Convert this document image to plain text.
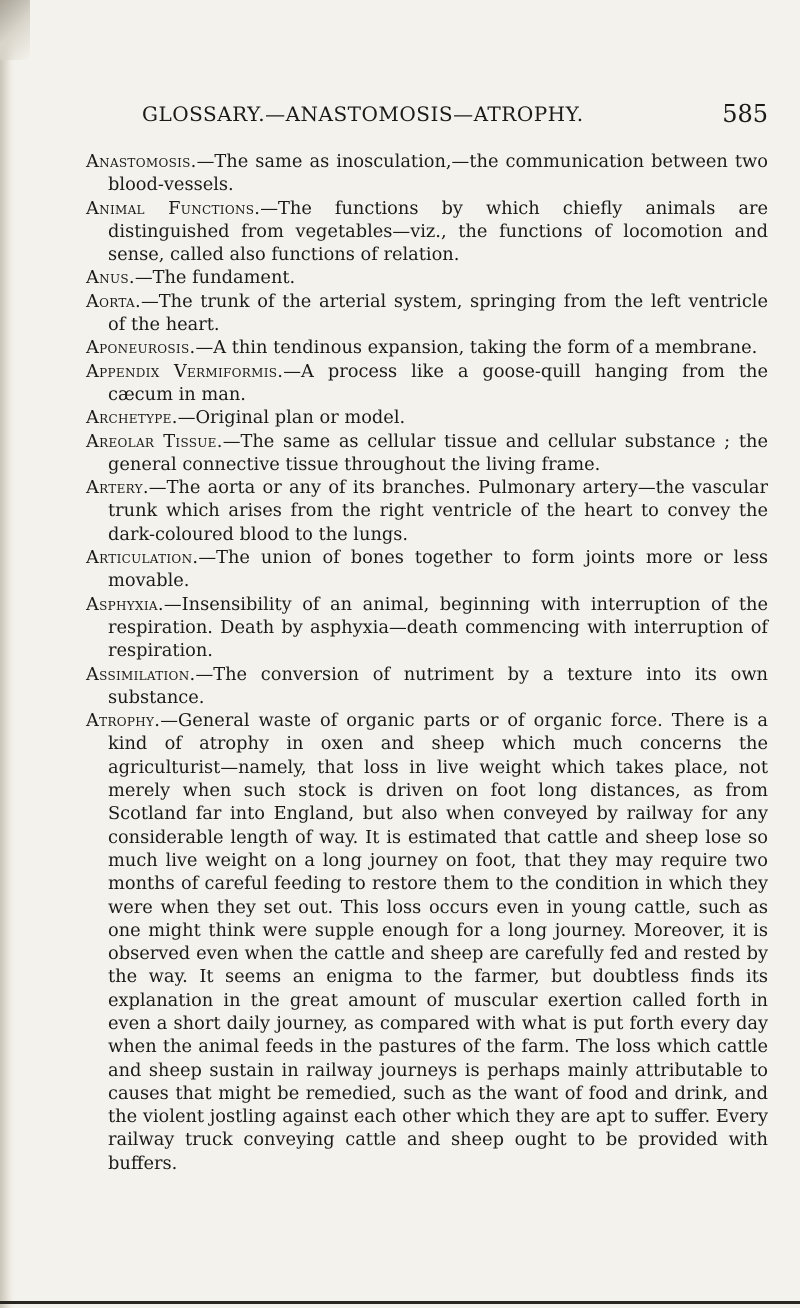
GLOSSARY.—ANASTOMOSIS—ATROPHY.	585

Anastomosis.—The same as inosculation,—the communication between two blood-vessels.

Animal Functions.—The functions by which chiefly animals are distinguished from vegetables—viz., the functions of locomotion and sense, called also functions of relation.

Anus.—The fundament.

Aorta.—The trunk of the arterial system, springing from the left ventricle of the heart.

Aponeurosis.—A thin tendinous expansion, taking the form of a membrane.

Appendix Vermiformis.—A process like a goose-quill hanging from the cæcum in man.

Archetype.—Original plan or model.

Areolar Tissue.—The same as cellular tissue and cellular substance ; the general connective tissue throughout the living frame.

Artery.—The aorta or any of its branches. Pulmonary artery—the vascular trunk which arises from the right ventricle of the heart to convey the dark-coloured blood to the lungs.

Articulation.—The union of bones together to form joints more or less movable.

Asphyxia.—Insensibility of an animal, beginning with interruption of the respiration. Death by asphyxia—death commencing with interruption of respiration.

Assimilation.—The conversion of nutriment by a texture into its own substance.

Atrophy.—General waste of organic parts or of organic force. There is a kind of atrophy in oxen and sheep which much concerns the agriculturist—namely, that loss in live weight which takes place, not merely when such stock is driven on foot long distances, as from Scotland far into England, but also when conveyed by railway for any considerable length of way. It is estimated that cattle and sheep lose so much live weight on a long journey on foot, that they may require two months of careful feeding to restore them to the condition in which they were when they set out. This loss occurs even in young cattle, such as one might think were supple enough for a long journey. Moreover, it is observed even when the cattle and sheep are carefully fed and rested by the way. It seems an enigma to the farmer, but doubtless finds its explanation in the great amount of muscular exertion called forth in even a short daily journey, as compared with what is put forth every day when the animal feeds in the pastures of the farm. The loss which cattle and sheep sustain in railway journeys is perhaps mainly attributable to causes that might be remedied, such as the want of food and drink, and the violent jostling against each other which they are apt to suffer. Every railway truck conveying cattle and sheep ought to be provided with buffers.
